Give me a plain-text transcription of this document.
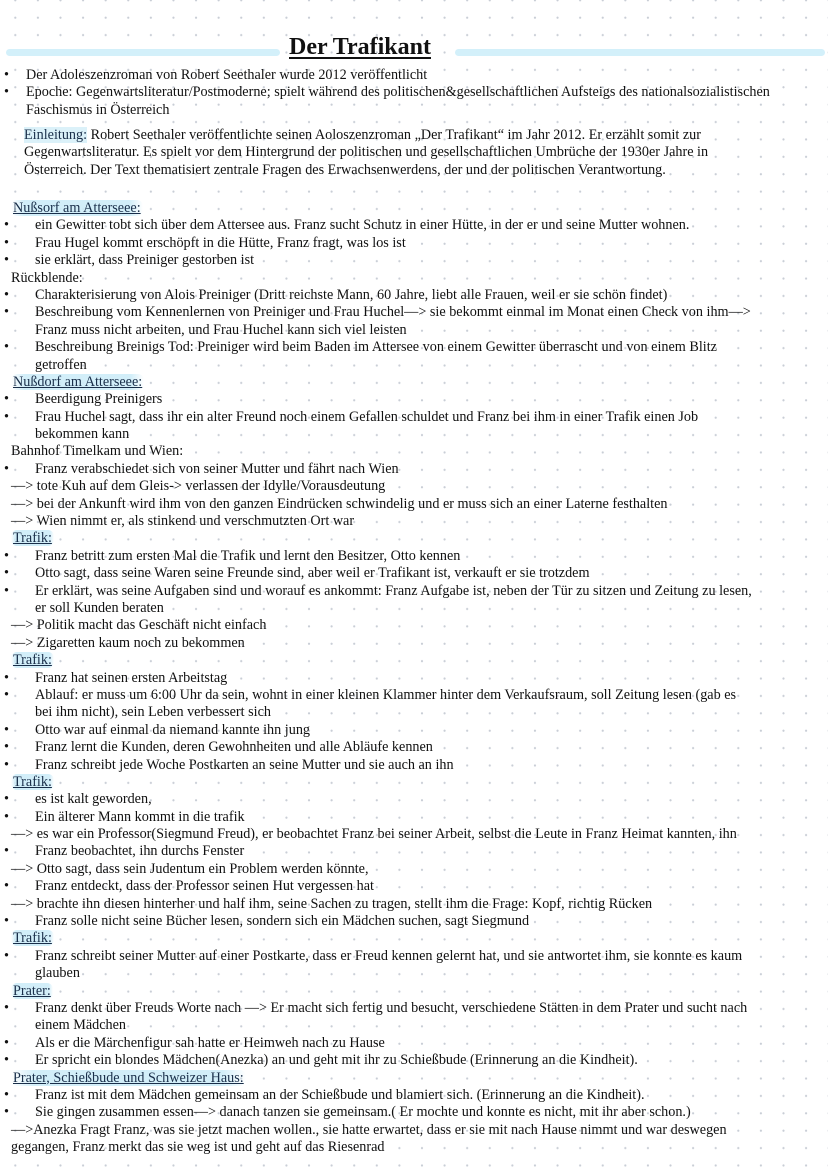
Der Trafikant
• Der Adoleszenzroman von Robert Seethaler wurde 2012 veröffentlicht
• Epoche: Gegenwartsliteratur/Postmoderne; spielt während des politischen&gesellschaftlichen Aufsteigs des nationalsozialistischen
Faschismus in Österreich
Einleitung: Robert Seethaler veröffentlichte seinen Aoloszenzroman „Der Trafikant“ im Jahr 2012. Er erzählt somit zur
Gegenwartsliteratur. Es spielt vor dem Hintergrund der politischen und gesellschaftlichen Umbrüche der 1930er Jahre in
Österreich. Der Text thematisiert zentrale Fragen des Erwachsenwerdens, der und der politischen Verantwortung.
Nußsorf am Atterseee:
• ein Gewitter tobt sich über dem Attersee aus. Franz sucht Schutz in einer Hütte, in der er und seine Mutter wohnen.
• Frau Hugel kommt erschöpft in die Hütte, Franz fragt, was los ist
• sie erklärt, dass Preiniger gestorben ist
Rückblende:
• Charakterisierung von Alois Preiniger (Dritt reichste Mann, 60 Jahre, liebt alle Frauen, weil er sie schön findet)
• Beschreibung vom Kennenlernen von Preiniger und Frau Huchel—> sie bekommt einmal im Monat einen Check von ihm—>
Franz muss nicht arbeiten, und Frau Huchel kann sich viel leisten
• Beschreibung Breinigs Tod: Preiniger wird beim Baden im Attersee von einem Gewitter überrascht und von einem Blitz
getroffen
Nußdorf am Atterseee:
• Beerdigung Preinigers
• Frau Huchel sagt, dass ihr ein alter Freund noch einem Gefallen schuldet und Franz bei ihm in einer Trafik einen Job
bekommen kann
Bahnhof Timelkam und Wien:
• Franz verabschiedet sich von seiner Mutter und fährt nach Wien
—> tote Kuh auf dem Gleis-> verlassen der Idylle/Vorausdeutung
—> bei der Ankunft wird ihm von den ganzen Eindrücken schwindelig und er muss sich an einer Laterne festhalten
—> Wien nimmt er, als stinkend und verschmutzten Ort war
Trafik:
• Franz betritt zum ersten Mal die Trafik und lernt den Besitzer, Otto kennen
• Otto sagt, dass seine Waren seine Freunde sind, aber weil er Trafikant ist, verkauft er sie trotzdem
• Er erklärt, was seine Aufgaben sind und worauf es ankommt: Franz Aufgabe ist, neben der Tür zu sitzen und Zeitung zu lesen,
er soll Kunden beraten
—> Politik macht das Geschäft nicht einfach
—> Zigaretten kaum noch zu bekommen
Trafik:
• Franz hat seinen ersten Arbeitstag
• Ablauf: er muss um 6:00 Uhr da sein, wohnt in einer kleinen Klammer hinter dem Verkaufsraum, soll Zeitung lesen (gab es
bei ihm nicht), sein Leben verbessert sich
• Otto war auf einmal da niemand kannte ihn jung
• Franz lernt die Kunden, deren Gewohnheiten und alle Abläufe kennen
• Franz schreibt jede Woche Postkarten an seine Mutter und sie auch an ihn
Trafik:
• es ist kalt geworden,
• Ein älterer Mann kommt in die trafik
—> es war ein Professor(Siegmund Freud), er beobachtet Franz bei seiner Arbeit, selbst die Leute in Franz Heimat kannten, ihn
• Franz beobachtet, ihn durchs Fenster
—> Otto sagt, dass sein Judentum ein Problem werden könnte,
• Franz entdeckt, dass der Professor seinen Hut vergessen hat
—> brachte ihn diesen hinterher und half ihm, seine Sachen zu tragen, stellt ihm die Frage: Kopf, richtig Rücken
• Franz solle nicht seine Bücher lesen, sondern sich ein Mädchen suchen, sagt Siegmund
Trafik:
• Franz schreibt seiner Mutter auf einer Postkarte, dass er Freud kennen gelernt hat, und sie antwortet ihm, sie konnte es kaum
glauben
Prater:
• Franz denkt über Freuds Worte nach —> Er macht sich fertig und besucht, verschiedene Stätten in dem Prater und sucht nach
einem Mädchen
• Als er die Märchenfigur sah hatte er Heimweh nach zu Hause
• Er spricht ein blondes Mädchen(Anezka) an und geht mit ihr zu Schießbude (Erinnerung an die Kindheit).
Prater, Schießbude und Schweizer Haus:
• Franz ist mit dem Mädchen gemeinsam an der Schießbude und blamiert sich. (Erinnerung an die Kindheit).
• Sie gingen zusammen essen—> danach tanzen sie gemeinsam.( Er mochte und konnte es nicht, mit ihr aber schon.)
—>Anezka Fragt Franz, was sie jetzt machen wollen., sie hatte erwartet, dass er sie mit nach Hause nimmt und war deswegen
gegangen, Franz merkt das sie weg ist und geht auf das Riesenrad
